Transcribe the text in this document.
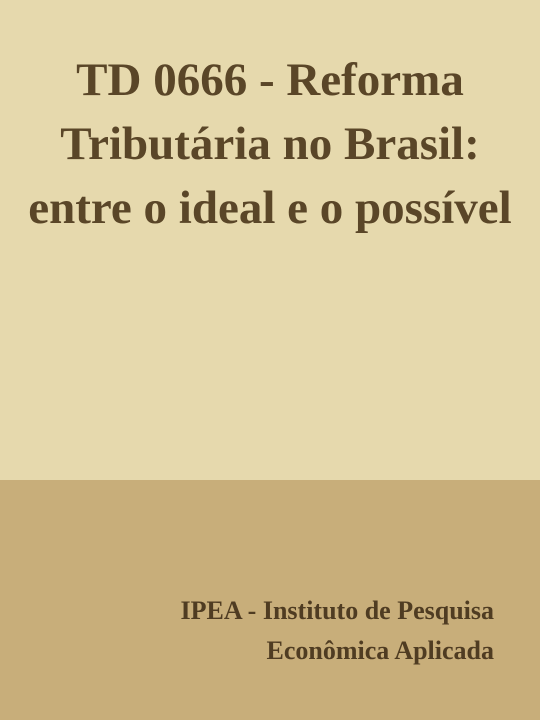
TD 0666 - Reforma Tributária no Brasil: entre o ideal e o possível
IPEA - Instituto de Pesquisa
Econômica Aplicada
